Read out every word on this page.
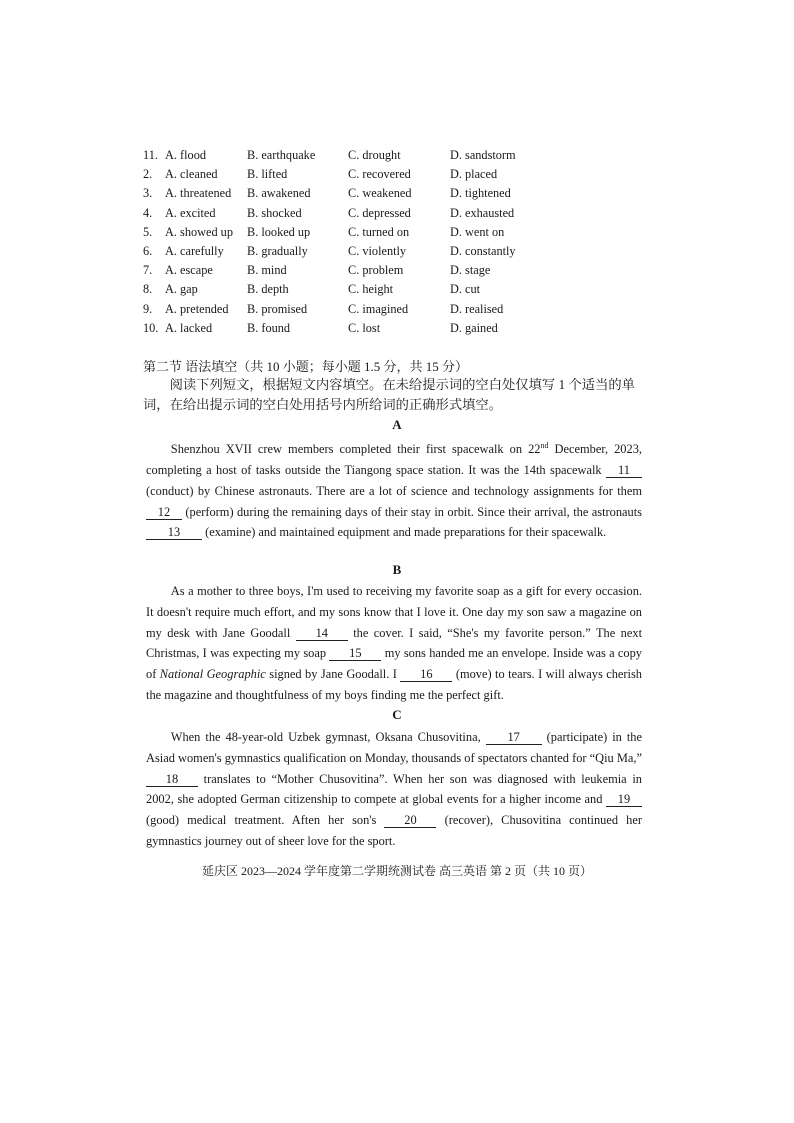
11. A. flood	B. earthquake	C. drought	D. sandstorm
2. A. cleaned B. lifted	C. recovered	D. placed
3. A. threatened B. awakened	C. weakened	D. tightened
4. A. excited	B. shocked	C. depressed	D. exhausted
5. A. showed up B. looked up	C. turned on	D. went on
6. A. carefully B. gradually	C. violently	D. constantly
7. A. escape	B. mind	C. problem	D. stage
8. A. gap	B. depth	C. height	D. cut
9. A. pretended B. promised	C. imagined	D. realised
10. A. lacked	B. found	C. lost	D. gained
第二节 语法填空（共 10 小题；每小题 1.5 分，共 15 分）
阅读下列短文，根据短文内容填空。在未给提示词的空白处仅填写 1 个适当的单词，在给出提示词的空白处用括号内所给词的正确形式填空。
A
Shenzhou XVII crew members completed their first spacewalk on 22nd December, 2023, completing a host of tasks outside the Tiangong space station. It was the 14th spacewalk 11 (conduct) by Chinese astronauts. There are a lot of science and technology assignments for them 12 (perform) during the remaining days of their stay in orbit. Since their arrival, the astronauts 13 (examine) and maintained equipment and made preparations for their spacewalk.
B
As a mother to three boys, I'm used to receiving my favorite soap as a gift for every occasion. It doesn't require much effort, and my sons know that I love it. One day my son saw a magazine on my desk with Jane Goodall 14 the cover. I said, “She's my favorite person.” The next Christmas, I was expecting my soap 15 my sons handed me an envelope. Inside was a copy of National Geographic signed by Jane Goodall. I 16 (move) to tears. I will always cherish the magazine and thoughtfulness of my boys finding me the perfect gift.
C
When the 48-year-old Uzbek gymnast, Oksana Chusovitina, 17 (participate) in the Asiad women's gymnastics qualification on Monday, thousands of spectators chanted for “Qiu Ma,” 18 translates to “Mother Chusovitina”. When her son was diagnosed with leukemia in 2002, she adopted German citizenship to compete at global events for a higher income and 19 (good) medical treatment. Aften her son's 20 (recover), Chusovitina continued her gymnastics journey out of sheer love for the sport.
延庆区 2023—2024 学年度第二学期统测试卷 高三英语 第 2 页（共 10 页）
